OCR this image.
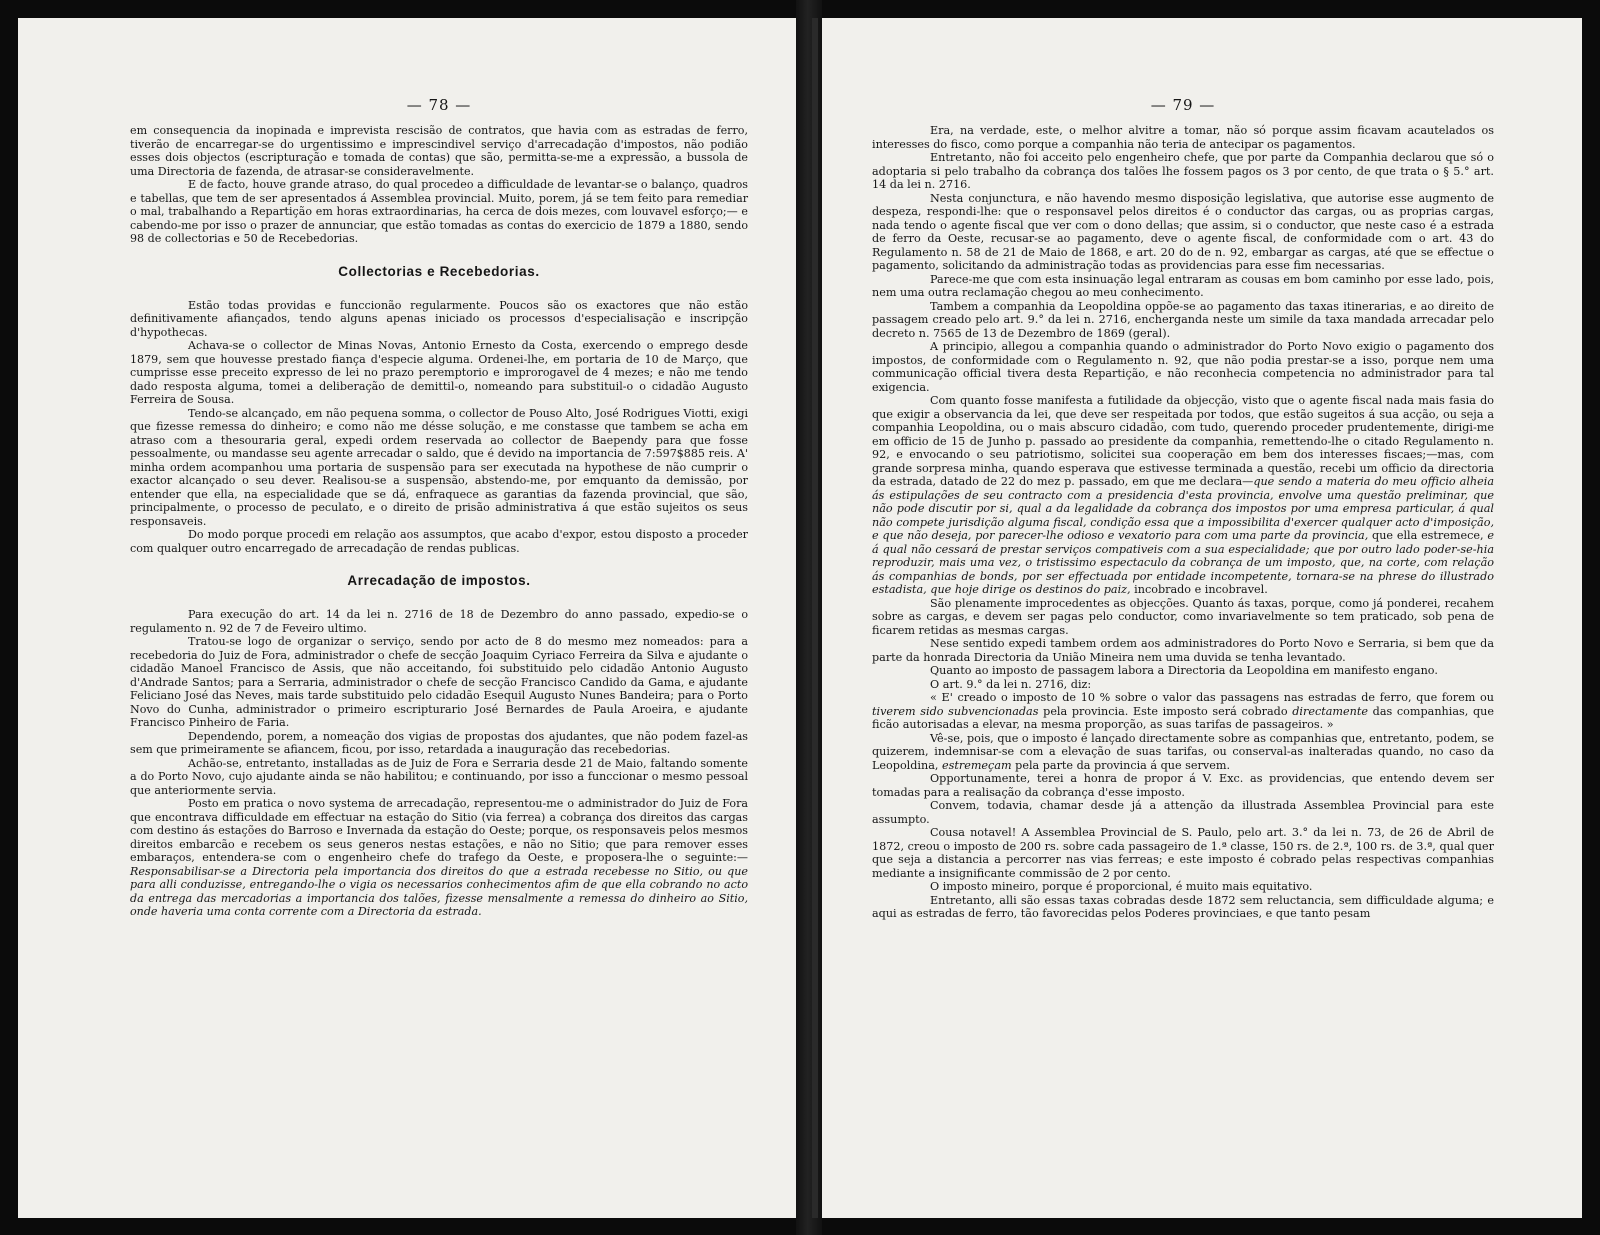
— 78 —

em consequencia da inopinada e imprevista rescisão de contratos, que havia com as estradas de ferro, tiverão de encarregar-se do urgentissimo e imprescindivel serviço d'arrecadação d'impostos, não podião esses dois objectos (escripturação e tomada de contas) que são, permitta-se-me a expressão, a bussola de uma Directoria de fazenda, de atrasar-se consideravelmente.

E de facto, houve grande atraso, do qual procedeo a difficuldade de levantar-se o balanço, quadros e tabellas, que tem de ser apresentados á Assemblea provincial. Muito, porem, já se tem feito para remediar o mal, trabalhando a Repartição em horas extraordinarias, ha cerca de dois mezes, com louvavel esforço;— e cabendo-me por isso o prazer de annunciar, que estão tomadas as contas do exercicio de 1879 a 1880, sendo 98 de collectorias e 50 de Recebedorias.

Collectorias e Recebedorias.

Estão todas providas e funccionão regularmente. Poucos são os exactores que não estão definitivamente afiançados, tendo alguns apenas iniciado os processos d'especialisação e inscripção d'hypothecas.

Achava-se o collector de Minas Novas, Antonio Ernesto da Costa, exercendo o emprego desde 1879, sem que houvesse prestado fiança d'especie alguma. Ordenei-lhe, em portaria de 10 de Março, que cumprisse esse preceito expresso de lei no prazo peremptorio e improrogavel de 4 mezes; e não me tendo dado resposta alguma, tomei a deliberação de demittil-o, nomeando para substituil-o o cidadão Augusto Ferreira de Sousa.

Tendo-se alcançado, em não pequena somma, o collector de Pouso Alto, José Rodrigues Viotti, exigi que fizesse remessa do dinheiro; e como não me désse solução, e me constasse que tambem se acha em atraso com a thesouraria geral, expedi ordem reservada ao collector de Baependy para que fosse pessoalmente, ou mandasse seu agente arrecadar o saldo, que é devido na importancia de 7:597$885 reis. A' minha ordem acompanhou uma portaria de suspensão para ser executada na hypothese de não cumprir o exactor alcançado o seu dever. Realisou-se a suspensão, abstendo-me, por emquanto da demissão, por entender que ella, na especialidade que se dá, enfraquece as garantias da fazenda provincial, que são, principalmente, o processo de peculato, e o direito de prisão administrativa á que estão sujeitos os seus responsaveis.

Do modo porque procedi em relação aos assumptos, que acabo d'expor, estou disposto a proceder com qualquer outro encarregado de arrecadação de rendas publicas.

Arrecadação de impostos.

Para execução do art. 14 da lei n. 2716 de 18 de Dezembro do anno passado, expedio-se o regulamento n. 92 de 7 de Feveiro ultimo.

Tratou-se logo de organizar o serviço, sendo por acto de 8 do mesmo mez nomeados: para a recebedoria do Juiz de Fora, administrador o chefe de secção Joaquim Cyriaco Ferreira da Silva e ajudante o cidadão Manoel Francisco de Assis, que não acceitando, foi substituido pelo cidadão Antonio Augusto d'Andrade Santos; para a Serraria, administrador o chefe de secção Francisco Candido da Gama, e ajudante Feliciano José das Neves, mais tarde substituido pelo cidadão Esequil Augusto Nunes Bandeira; para o Porto Novo do Cunha, administrador o primeiro escripturario José Bernardes de Paula Aroeira, e ajudante Francisco Pinheiro de Faria.

Dependendo, porem, a nomeação dos vigias de propostas dos ajudantes, que não podem fazel-as sem que primeiramente se afiancem, ficou, por isso, retardada a inauguração das recebedorias.

Achão-se, entretanto, installadas as de Juiz de Fora e Serraria desde 21 de Maio, faltando somente a do Porto Novo, cujo ajudante ainda se não habilitou; e continuando, por isso a funccionar o mesmo pessoal que anteriormente servia.

Posto em pratica o novo systema de arrecadação, representou-me o administrador do Juiz de Fora que encontrava difficuldade em effectuar na estação do Sitio (via ferrea) a cobrança dos direitos das cargas com destino ás estações do Barroso e Invernada da estação do Oeste; porque, os responsaveis pelos mesmos direitos embarcão e recebem os seus generos nestas estações, e não no Sitio; que para remover esses embaraços, entendera-se com o engenheiro chefe do trafego da Oeste, e proposera-lhe o seguinte:—Responsabilisar-se a Directoria pela importancia dos direitos do que a estrada recebesse no Sitio, ou que para alli conduzisse, entregando-lhe o vigia os necessarios conhecimentos afim de que ella cobrando no acto da entrega das mercadorias a importancia dos talões, fizesse mensalmente a remessa do dinheiro ao Sitio, onde haveria uma conta corrente com a Directoria da estrada.

— 79 —

Era, na verdade, este, o melhor alvitre a tomar, não só porque assim ficavam acautelados os interesses do fisco, como porque a companhia não teria de antecipar os pagamentos.

Entretanto, não foi acceito pelo engenheiro chefe, que por parte da Companhia declarou que só o adoptaria si pelo trabalho da cobrança dos talões lhe fossem pagos os 3 por cento, de que trata o § 5.° art. 14 da lei n. 2716.

Nesta conjunctura, e não havendo mesmo disposição legislativa, que autorise esse augmento de despeza, respondi-lhe: que o responsavel pelos direitos é o conductor das cargas, ou as proprias cargas, nada tendo o agente fiscal que ver com o dono dellas; que assim, si o conductor, que neste caso é a estrada de ferro da Oeste, recusar-se ao pagamento, deve o agente fiscal, de conformidade com o art. 43 do Regulamento n. 58 de 21 de Maio de 1868, e art. 20 do de n. 92, embargar as cargas, até que se effectue o pagamento, solicitando da administração todas as providencias para esse fim necessarias.

Parece-me que com esta insinuação legal entraram as cousas em bom caminho por esse lado, pois, nem uma outra reclamação chegou ao meu conhecimento.

Tambem a companhia da Leopoldina oppõe-se ao pagamento das taxas itinerarias, e ao direito de passagem creado pelo art. 9.° da lei n. 2716, encherganda neste um simile da taxa mandada arrecadar pelo decreto n. 7565 de 13 de Dezembro de 1869 (geral).

A principio, allegou a companhia quando o administrador do Porto Novo exigio o pagamento dos impostos, de conformidade com o Regulamento n. 92, que não podia prestar-se a isso, porque nem uma communicação official tivera desta Repartição, e não reconhecia competencia no administrador para tal exigencia.

Com quanto fosse manifesta a futilidade da objecção, visto que o agente fiscal nada mais fasia do que exigir a observancia da lei, que deve ser respeitada por todos, que estão sugeitos á sua acção, ou seja a companhia Leopoldina, ou o mais abscuro cidadão, com tudo, querendo proceder prudentemente, dirigi-me em officio de 15 de Junho p. passado ao presidente da companhia, remettendo-lhe o citado Regulamento n. 92, e envocando o seu patriotismo, solicitei sua cooperação em bem dos interesses fiscaes;—mas, com grande sorpresa minha, quando esperava que estivesse terminada a questão, recebi um officio da directoria da estrada, datado de 22 do mez p. passado, em que me declara—que sendo a materia do meu officio alheia ás estipulações de seu contracto com a presidencia d'esta provincia, envolve uma questão preliminar, que não pode discutir por si, qual a da legalidade da cobrança dos impostos por uma empresa particular, á qual não compete jurisdição alguma fiscal, condição essa que a impossibilita d'exercer qualquer acto d'imposição, e que não deseja, por parecer-lhe odioso e vexatorio para com uma parte da provincia, que ella estremece, e á qual não cessará de prestar serviços compativeis com a sua especialidade; que por outro lado poder-se-hia reproduzir, mais uma vez, o tristissimo espectaculo da cobrança de um imposto, que, na corte, com relação ás companhias de bonds, por ser effectuada por entidade incompetente, tornara-se na phrese do illustrado estadista, que hoje dirige os destinos do paiz, incobrado e incobravel.

São plenamente improcedentes as objecções. Quanto ás taxas, porque, como já ponderei, recahem sobre as cargas, e devem ser pagas pelo conductor, como invariavelmente so tem praticado, sob pena de ficarem retidas as mesmas cargas.

Nese sentido expedi tambem ordem aos administradores do Porto Novo e Serraria, si bem que da parte da honrada Directoria da União Mineira nem uma duvida se tenha levantado.

Quanto ao imposto de passagem labora a Directoria da Leopoldina em manifesto engano.

O art. 9.° da lei n. 2716, diz:

« E' creado o imposto de 10 % sobre o valor das passagens nas estradas de ferro, que forem ou tiverem sido subvencionadas pela provincia. Este imposto será cobrado directamente das companhias, que ficão autorisadas a elevar, na mesma proporção, as suas tarifas de passageiros. »

Vê-se, pois, que o imposto é lançado directamente sobre as companhias que, entretanto, podem, se quizerem, indemnisar-se com a elevação de suas tarifas, ou conserval-as inalteradas quando, no caso da Leopoldina, estremeçam pela parte da provincia á que servem.

Opportunamente, terei a honra de propor á V. Exc. as providencias, que entendo devem ser tomadas para a realisação da cobrança d'esse imposto.

Convem, todavia, chamar desde já a attenção da illustrada Assemblea Provincial para este assumpto.

Cousa notavel! A Assemblea Provincial de S. Paulo, pelo art. 3.° da lei n. 73, de 26 de Abril de 1872, creou o imposto de 200 rs. sobre cada passageiro de 1.ª classe, 150 rs. de 2.ª, 100 rs. de 3.ª, qual quer que seja a distancia a percorrer nas vias ferreas; e este imposto é cobrado pelas respectivas companhias mediante a insignificante commissão de 2 por cento.

O imposto mineiro, porque é proporcional, é muito mais equitativo.

Entretanto, alli são essas taxas cobradas desde 1872 sem reluctancia, sem difficuldade alguma; e aqui as estradas de ferro, tão favorecidas pelos Poderes provinciaes, e que tanto pesam
